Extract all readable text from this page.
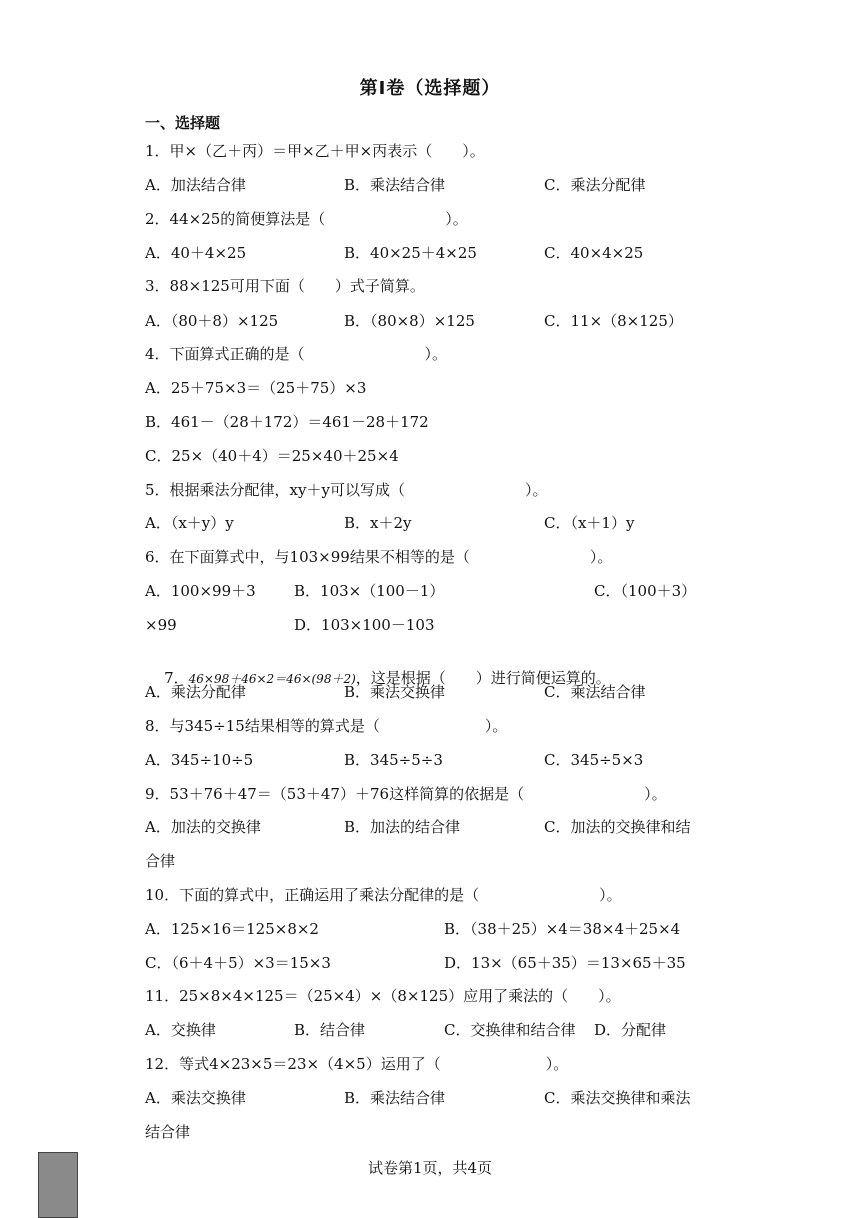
第Ⅰ卷（选择题）
一、选择题
1．甲×（乙＋丙）＝甲×乙＋甲×丙表示（　　）。
A．加法结合律	B．乘法结合律	C．乘法分配律
2．44×25的简便算法是（　　　　　　　　）。
A．40＋4×25	B．40×25＋4×25	C．40×4×25
3．88×125可用下面（　　）式子简算。
A．（80＋8）×125	B．（80×8）×125	C．11×（8×125）
4．下面算式正确的是（　　　　　　　　）。
A．25＋75×3＝（25＋75）×3
B．461－（28＋172）＝461－28＋172
C．25×（40＋4）＝25×40＋25×4
5．根据乘法分配律，xy＋y可以写成（　　　　　　　　）。
A．（x＋y）y	B．x＋2y	C．（x＋1）y
6．在下面算式中，与103×99结果不相等的是（　　　　　　　　）。
A．100×99＋3	B．103×（100－1）	C．（100＋3）
×99	D．103×100－103

7．46×98＋46×2＝46×(98＋2)，这是根据（　　）进行简便运算的。

A．乘法分配律	B．乘法交换律	C．乘法结合律
8．与345÷15结果相等的算式是（　　　　　　　）。
A．345÷10÷5	B．345÷5÷3	C．345÷5×3
9．53＋76＋47＝（53＋47）＋76这样简算的依据是（　　　　　　　　）。
A．加法的交换律	B．加法的结合律	C．加法的交换律和结
合律
10．下面的算式中，正确运用了乘法分配律的是（　　　　　　　　）。
A．125×16＝125×8×2	B．（38＋25）×4＝38×4＋25×4
C．（6＋4＋5）×3＝15×3	D．13×（65＋35）＝13×65＋35
11．25×8×4×125＝（25×4）×（8×125）应用了乘法的（　　）。
A．交换律	B．结合律	C．交换律和结合律 D．分配律
12．等式4×23×5＝23×（4×5）运用了（　　　　　　　）。
A．乘法交换律	B．乘法结合律	C．乘法交换律和乘法
结合律
试卷第1页，共4页
